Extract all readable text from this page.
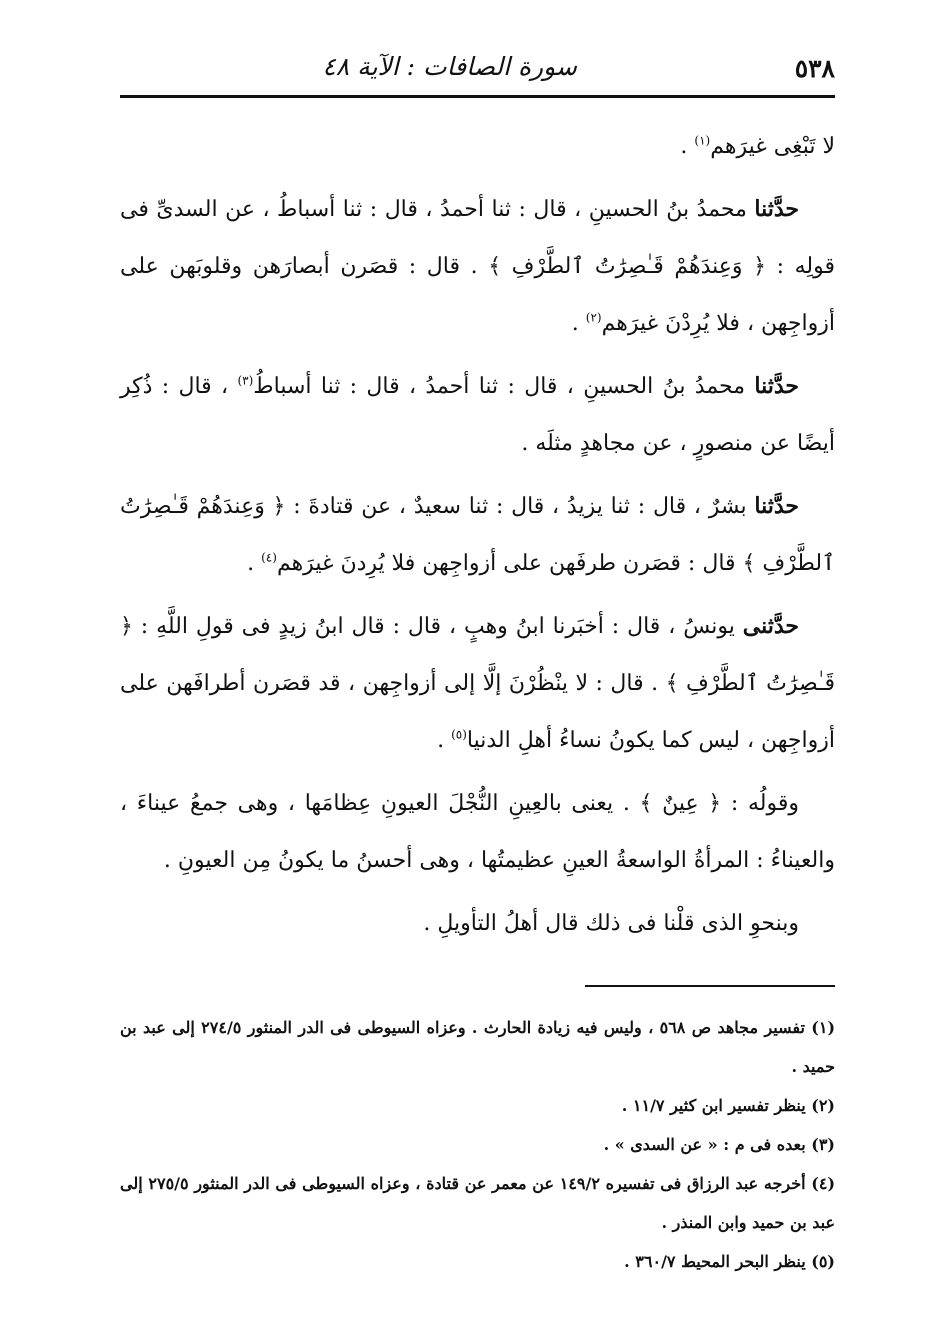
٥٣٨
سورة الصافات : الآية ٤٨

لا تَبْغِى غيرَهم$^{(١)}$ .

حدَّثنا محمدُ بنُ الحسينِ ، قال : ثنا أحمدُ ، قال : ثنا أسباطُ ، عن السدىِّ فى قولِه : ﴿ وَعِندَهُمْ قَـٰصِرَٰتُ ٱلطَّرْفِ ﴾ . قال : قصَرن أبصارَهن وقلوبَهن على أزواجِهن ، فلا يُرِدْنَ غيرَهم$^{(٢)}$ .

حدَّثنا محمدُ بنُ الحسينِ ، قال : ثنا أحمدُ ، قال : ثنا أسباطُ$^{(٣)}$ ، قال : ذُكِر أيضًا عن منصورٍ ، عن مجاهدٍ مثلَه .

حدَّثنا بشرٌ ، قال : ثنا يزيدُ ، قال : ثنا سعيدٌ ، عن قتادةَ : ﴿ وَعِندَهُمْ قَـٰصِرَٰتُ ٱلطَّرْفِ ﴾ قال : قصَرن طرفَهن على أزواجِهن فلا يُرِدنَ غيرَهم$^{(٤)}$ .

حدَّثنى يونسُ ، قال : أخبَرنا ابنُ وهبٍ ، قال : قال ابنُ زيدٍ فى قولِ اللَّهِ : ﴿ قَـٰصِرَٰتُ ٱلطَّرْفِ ﴾ . قال : لا ينْظُرْنَ إلَّا إلى أزواجِهن ، قد قصَرن أطرافَهن على أزواجِهن ، ليس كما يكونُ نساءُ أهلِ الدنيا$^{(٥)}$ .

وقولُه : ﴿ عِينٌ ﴾ . يعنى بالعِينِ النُّجْلَ العيونِ عِظامَها ، وهى جمعُ عيناءَ ، والعيناءُ : المرأةُ الواسعةُ العينِ عظيمتُها ، وهى أحسنُ ما يكونُ مِن العيونِ .

وبنحوِ الذى قلْنا فى ذلك قال أهلُ التأويلِ .

(١) تفسير مجاهد ص ٥٦٨ ، وليس فيه زيادة الحارث . وعزاه السيوطى فى الدر المنثور ٢٧٤/٥ إلى عبد بن حميد .

(٢) ينظر تفسير ابن كثير ١١/٧ .

(٣) بعده فى م : « عن السدى » .

(٤) أخرجه عبد الرزاق فى تفسيره ١٤٩/٢ عن معمر عن قتادة ، وعزاه السيوطى فى الدر المنثور ٢٧٥/٥ إلى عبد بن حميد وابن المنذر .

(٥) ينظر البحر المحيط ٣٦٠/٧ .
